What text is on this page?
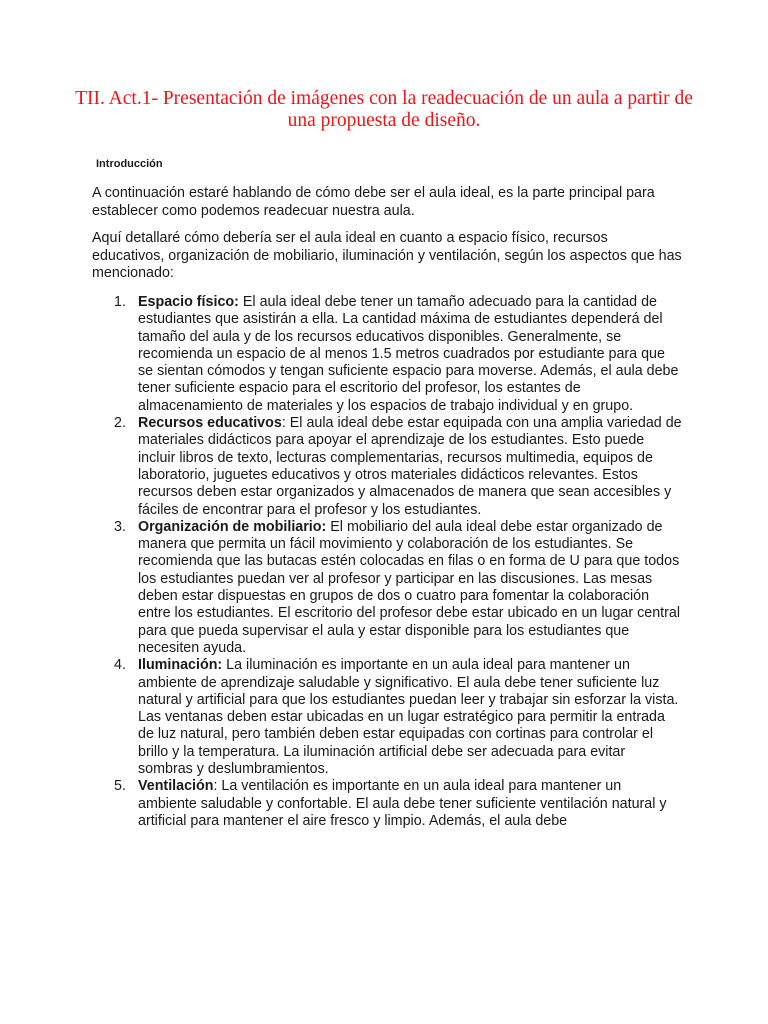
TII. Act.1- Presentación de imágenes con la readecuación de un aula a partir de una propuesta de diseño.

Introducción

A continuación estaré hablando de cómo debe ser el aula ideal, es la parte principal para establecer como podemos readecuar nuestra aula.

Aquí detallaré cómo debería ser el aula ideal en cuanto a espacio físico, recursos educativos, organización de mobiliario, iluminación y ventilación, según los aspectos que has mencionado:

1. Espacio físico: El aula ideal debe tener un tamaño adecuado para la cantidad de estudiantes que asistirán a ella. La cantidad máxima de estudiantes dependerá del tamaño del aula y de los recursos educativos disponibles. Generalmente, se recomienda un espacio de al menos 1.5 metros cuadrados por estudiante para que se sientan cómodos y tengan suficiente espacio para moverse. Además, el aula debe tener suficiente espacio para el escritorio del profesor, los estantes de almacenamiento de materiales y los espacios de trabajo individual y en grupo.
2. Recursos educativos: El aula ideal debe estar equipada con una amplia variedad de materiales didácticos para apoyar el aprendizaje de los estudiantes. Esto puede incluir libros de texto, lecturas complementarias, recursos multimedia, equipos de laboratorio, juguetes educativos y otros materiales didácticos relevantes. Estos recursos deben estar organizados y almacenados de manera que sean accesibles y fáciles de encontrar para el profesor y los estudiantes.
3. Organización de mobiliario: El mobiliario del aula ideal debe estar organizado de manera que permita un fácil movimiento y colaboración de los estudiantes. Se recomienda que las butacas estén colocadas en filas o en forma de U para que todos los estudiantes puedan ver al profesor y participar en las discusiones. Las mesas deben estar dispuestas en grupos de dos o cuatro para fomentar la colaboración entre los estudiantes. El escritorio del profesor debe estar ubicado en un lugar central para que pueda supervisar el aula y estar disponible para los estudiantes que necesiten ayuda.
4. Iluminación: La iluminación es importante en un aula ideal para mantener un ambiente de aprendizaje saludable y significativo. El aula debe tener suficiente luz natural y artificial para que los estudiantes puedan leer y trabajar sin esforzar la vista. Las ventanas deben estar ubicadas en un lugar estratégico para permitir la entrada de luz natural, pero también deben estar equipadas con cortinas para controlar el brillo y la temperatura. La iluminación artificial debe ser adecuada para evitar sombras y deslumbramientos.
5. Ventilación: La ventilación es importante en un aula ideal para mantener un ambiente saludable y confortable. El aula debe tener suficiente ventilación natural y artificial para mantener el aire fresco y limpio. Además, el aula debe
